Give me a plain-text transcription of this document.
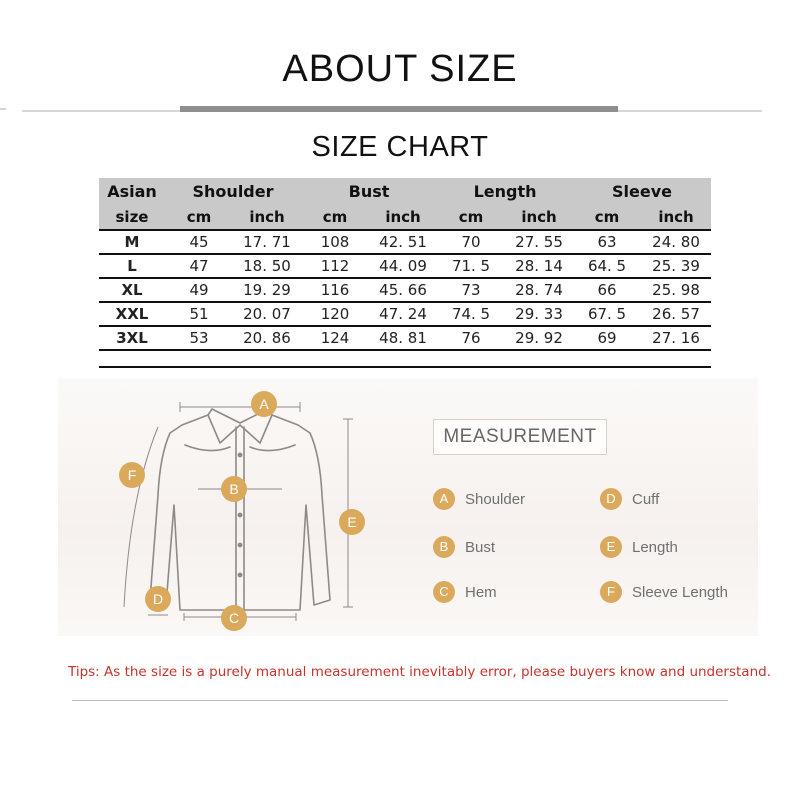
ABOUT SIZE
SIZE CHART
Asian	Shoulder		Bust		Length		Sleeve	
size	cm	inch	cm	inch	cm	inch	cm	inch
M	45	17. 71	108	42. 51	70	27. 55	63	24. 80
L	47	18. 50	112	44. 09	71. 5	28. 14	64. 5	25. 39
XL	49	19. 29	116	45. 66	73	28. 74	66	25. 98
XXL	51	20. 07	120	47. 24	74. 5	29. 33	67. 5	26. 57
3XL	53	20. 86	124	48. 81	76	29. 92	69	27. 16
A
B
C
D
E
F
MEASUREMENT
A	Shoulder
B	Bust
C	Hem
D	Cuff
E	Length
F	Sleeve Length
Tips: As the size is a purely manual measurement inevitably error, please buyers know and understand.
